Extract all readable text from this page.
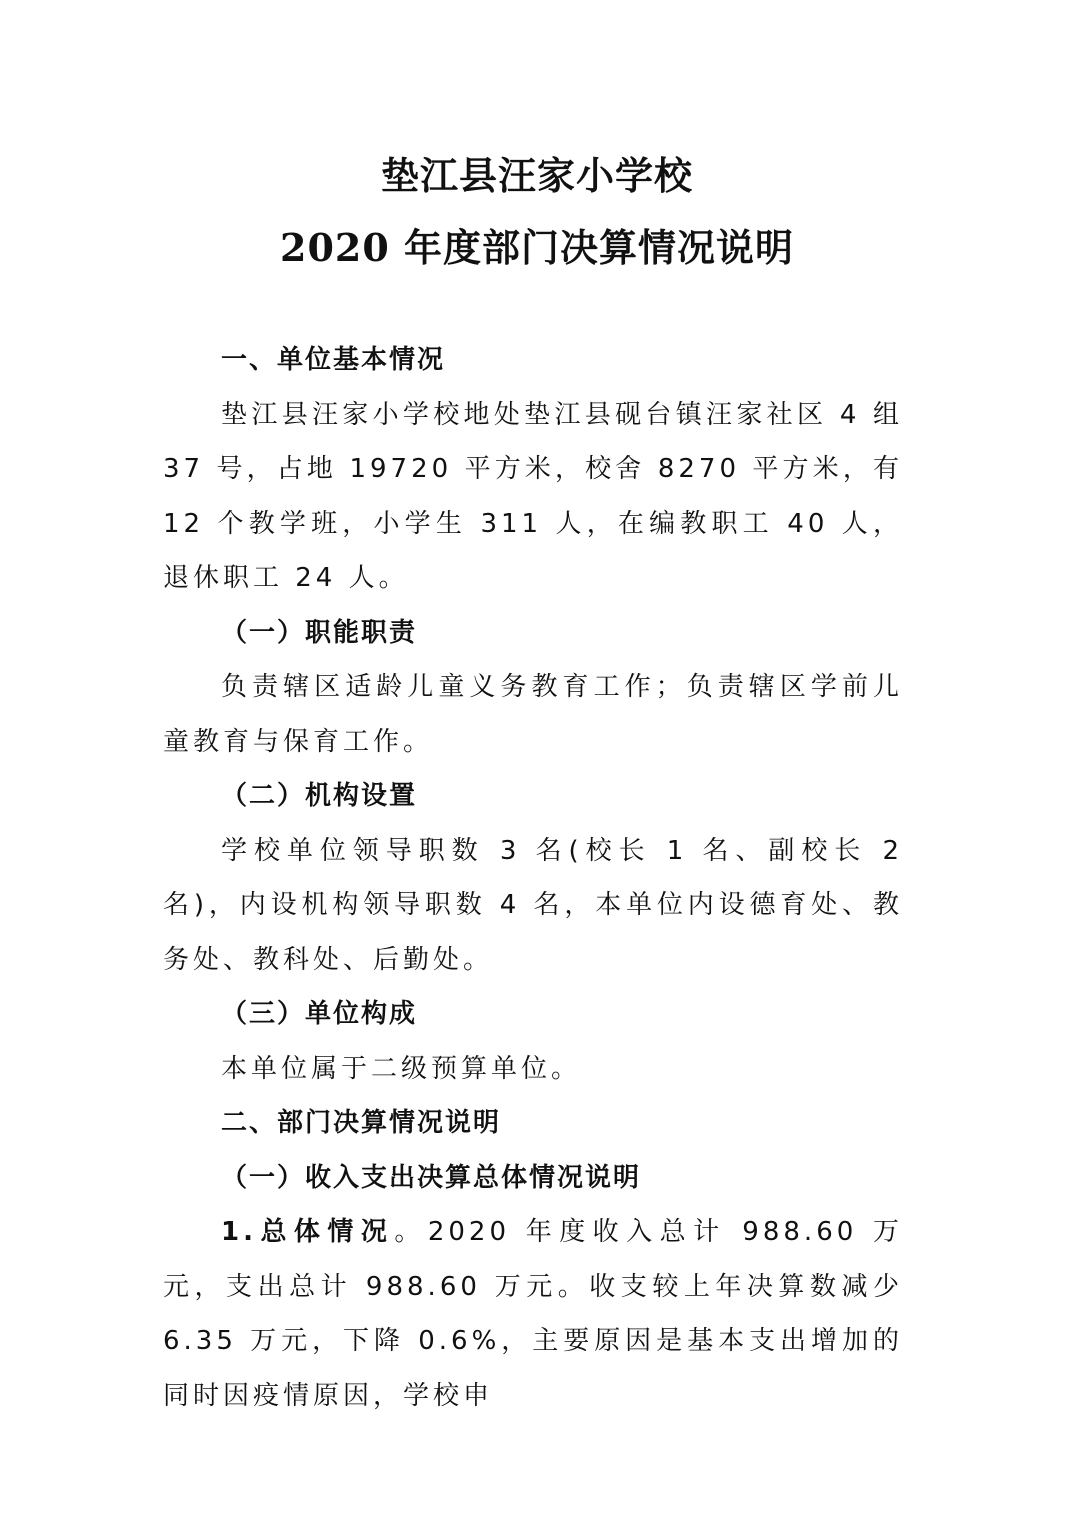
垫江县汪家小学校
2020 年度部门决算情况说明

一、单位基本情况

垫江县汪家小学校地处垫江县砚台镇汪家社区 4 组 37 号，占地 19720 平方米，校舍 8270 平方米，有 12 个教学班，小学生 311 人，在编教职工 40 人，退休职工 24 人。

（一）职能职责

负责辖区适龄儿童义务教育工作；负责辖区学前儿童教育与保育工作。

（二）机构设置

学校单位领导职数 3 名(校长 1 名、副校长 2 名)，内设机构领导职数 4 名，本单位内设德育处、教务处、教科处、后勤处。

（三）单位构成

本单位属于二级预算单位。

二、部门决算情况说明

（一）收入支出决算总体情况说明

1.总体情况。2020 年度收入总计 988.60 万元，支出总计 988.60 万元。收支较上年决算数减少 6.35 万元，下降 0.6%，主要原因是基本支出增加的同时因疫情原因，学校申
